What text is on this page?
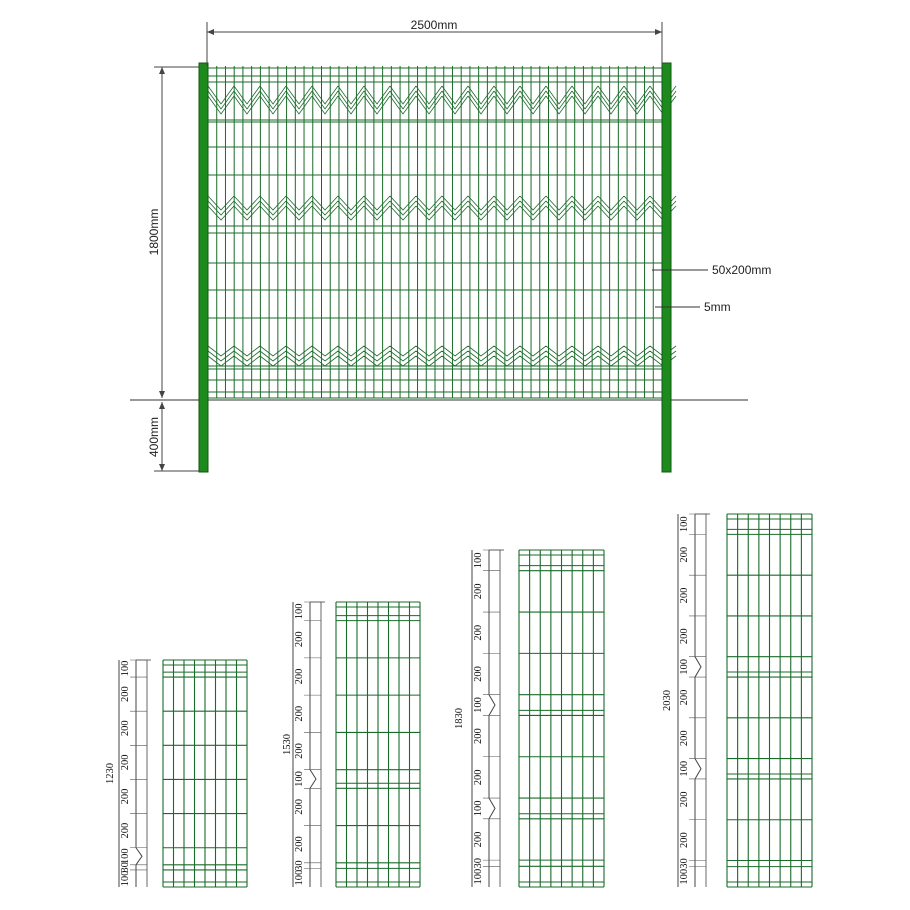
2500mm
1800mm
400mm
50x200mm
5mm
1230
100
30
100
200
200
200
200
200
100
1530
100
30
200
200
100
200
200
200
200
100
1830
100
30
200
100
200
200
100
200
200
200
100
2030
100
30
200
200
100
200
200
100
200
200
200
100
